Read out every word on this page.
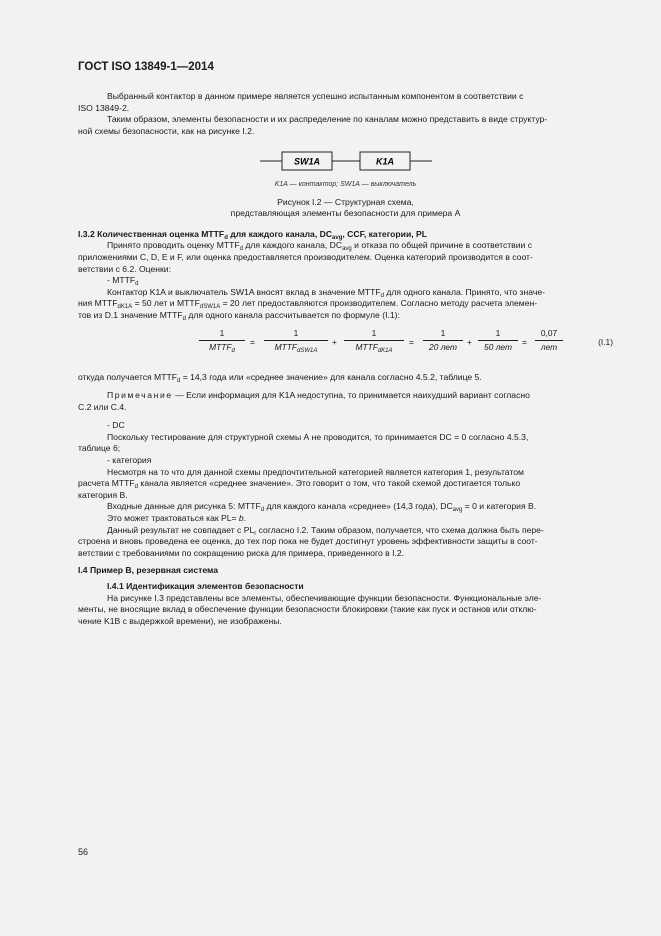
ГОСТ ISO 13849-1—2014

Выбранный контактор в данном примере является успешно испытанным компонентом в соответствии с

ISO 13849-2.

Таким образом, элементы безопасности и их распределение по каналам можно представить в виде структур-

ной схемы безопасности, как на рисунке I.2.

SW1A	K1A
K1A — контактор; SW1A — выключатель

Рисунок I.2 — Структурная схема,

представляющая элементы безопасности для примера А

I.3.2 Количественная оценка $MTTF_d$ для каждого канала, $DC_{avg}$, CCF, категории, PL

Принято проводить оценку $MTTF_d$ для каждого канала, $DC_{avg}$ и отказа по общей причине в соответствии с

приложениями C, D, E и F, или оценка предоставляется производителем. Оценка категорий производится в соот-

ветствии с 6.2. Оценки:

- $MTTF_d$

Контактор K1A и выключатель SW1A вносят вклад в значение $MTTF_d$ для одного канала. Принято, что значе-

ния $MTTF_{dK1A} = 50$ лет и $MTTF_{dSW1A} = 20$ лет предоставляются производителем. Согласно методу расчета элемен-

тов из D.1 значение $MTTF_d$ для одного канала рассчитывается по формуле (I.1):

1
$MTTF_d$
=
1
$MTTF_{dSW1A}$
+
1
$MTTF_{dK1A}$
=
1
20 лет
+
1
50 лет
=
0,07
лет
(I.1)

откуда получается $MTTF_d = 14,3$ года или «среднее значение» для канала согласно 4.5.2, таблице 5.

Примечание — Если информация для K1A недоступна, то принимается наихудший вариант согласно

C.2 или C.4.

- DC

Поскольку тестирование для структурной схемы А не проводится, то принимается DC = 0 согласно 4.5.3,

таблице 6;

- категория

Несмотря на то что для данной схемы предпочтительной категорией является категория 1, результатом

расчета $MTTF_d$ канала является «среднее значение». Это говорит о том, что такой схемой достигается только

категория B.

Входные данные для рисунка 5: $MTTF_d$ для каждого канала «среднее» (14,3 года), $DC_{avg} = 0$ и категория B.

Это может трактоваться как PL= b.

Данный результат не совпадает с $PL_r$ согласно I.2. Таким образом, получается, что схема должна быть пере-

строена и вновь проведена ее оценка, до тех пор пока не будет достигнут уровень эффективности защиты в соот-

ветствии с требованиями по сокращению риска для примера, приведенного в I.2.

I.4 Пример B, резервная система

I.4.1 Идентификация элементов безопасности

На рисунке I.3 представлены все элементы, обеспечивающие функции безопасности. Функциональные эле-

менты, не вносящие вклад в обеспечение функции безопасности блокировки (такие как пуск и останов или отклю-

чение K1B с выдержкой времени), не изображены.

56
